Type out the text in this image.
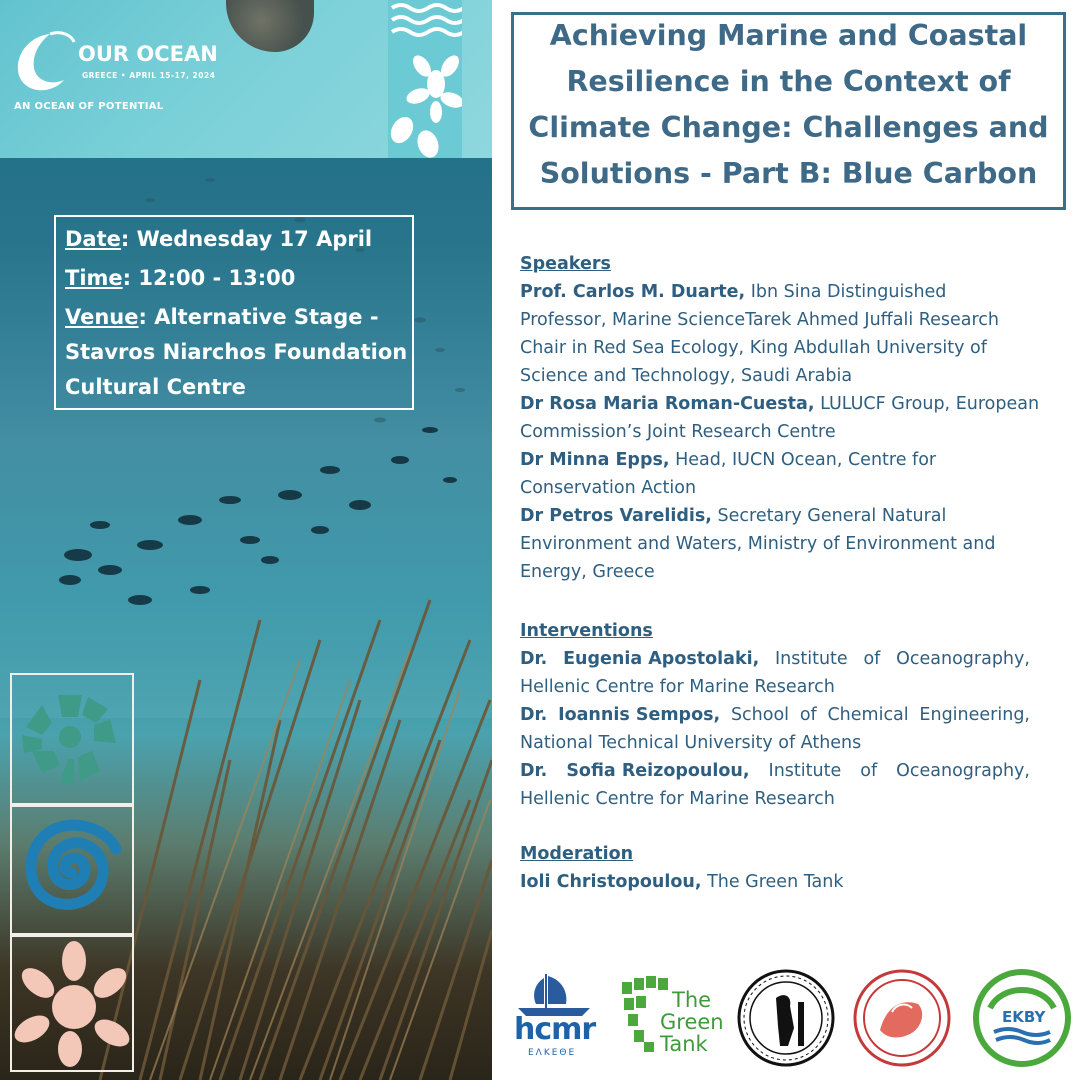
OUR OCEAN
GREECE • APRIL 15-17, 2024
AN OCEAN OF POTENTIAL
Date: Wednesday 17 April
Time: 12:00 - 13:00
Venue: Alternative Stage -
Stavros Niarchos Foundation
Cultural Centre
Achieving Marine and Coastal
Resilience in the Context of
Climate Change: Challenges and
Solutions - Part B: Blue Carbon
Speakers
Prof. Carlos M. Duarte, Ibn Sina Distinguished
Professor, Marine ScienceTarek Ahmed Juffali Research
Chair in Red Sea Ecology, King Abdullah University of
Science and Technology, Saudi Arabia
Dr Rosa Maria Roman-Cuesta, LULUCF Group, European
Commission’s Joint Research Centre
Dr Minna Epps, Head, IUCN Ocean, Centre for
Conservation Action
Dr Petros Varelidis, Secretary General Natural
Environment and Waters, Ministry of Environment and
Energy, Greece
Interventions
Dr. Eugenia Apostolaki, Institute of Oceanography,
Hellenic Centre for Marine Research
Dr. Ioannis Sempos, School of Chemical Engineering,
National Technical University of Athens
Dr. Sofia Reizopoulou, Institute of Oceanography,
Hellenic Centre for Marine Research
Moderation
Ioli Christopoulou, The Green Tank
hcmr
ΕΛΚΕΘΕ
The
Green
Tank
EKBY
